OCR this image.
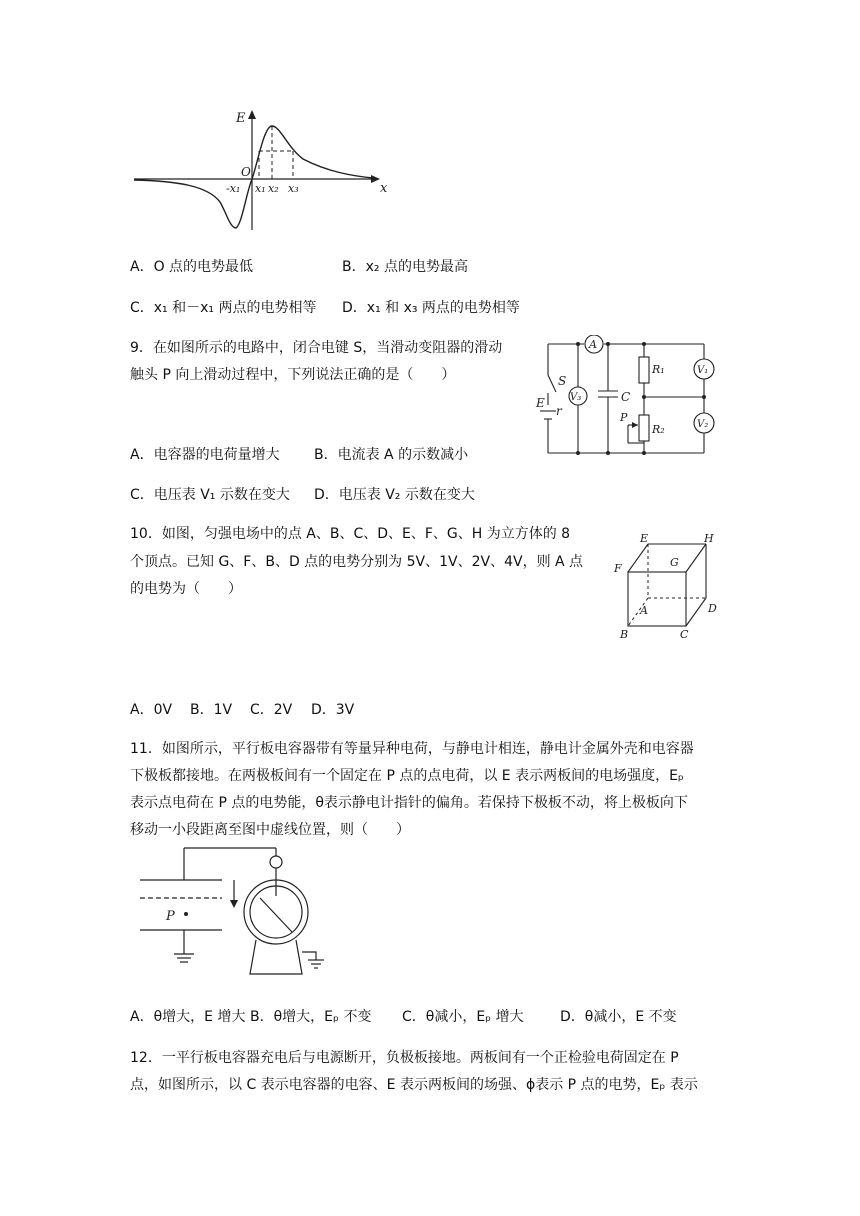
E
x
O
-x₁ x₁ x₂ x₃
A．O 点的电势最低	B．x₂ 点的电势最高
C．x₁ 和－x₁ 两点的电势相等 D．x₁ 和 x₃ 两点的电势相等
9．在如图所示的电路中，闭合电键 S，当滑动变阻器的滑动
触头 P 向上滑动过程中，下列说法正确的是（　　）
A
V₃
V₁
V₂
S
E
r
C
R₁
R₂
P
A．电容器的电荷量增大 B．电流表 A 的示数减小
C．电压表 V₁ 示数在变大 D．电压表 V₂ 示数在变大
10．如图，匀强电场中的点 A、B、C、D、E、F、G、H 为立方体的 8
个顶点。已知 G、F、B、D 点的电势分别为 5V、1V、2V、4V，则 A 点
的电势为（　　）
E	H
F	G
A	D
B	C
A．0V B．1V C．2V D．3V
11．如图所示，平行板电容器带有等量异种电荷，与静电计相连，静电计金属外壳和电容器
下极板都接地。在两极板间有一个固定在 P 点的点电荷，以 E 表示两板间的电场强度，Eₚ
表示点电荷在 P 点的电势能，θ表示静电计指针的偏角。若保持下极板不动，将上极板向下
移动一小段距离至图中虚线位置，则（　　）
P
A．θ增大，E 增大 B．θ增大，Eₚ 不变 C．θ减小，Eₚ 增大	D．θ减小，E 不变
12．一平行板电容器充电后与电源断开，负极板接地。两板间有一个正检验电荷固定在 P
点，如图所示，以 C 表示电容器的电容、E 表示两板间的场强、ϕ表示 P 点的电势，Eₚ 表示
